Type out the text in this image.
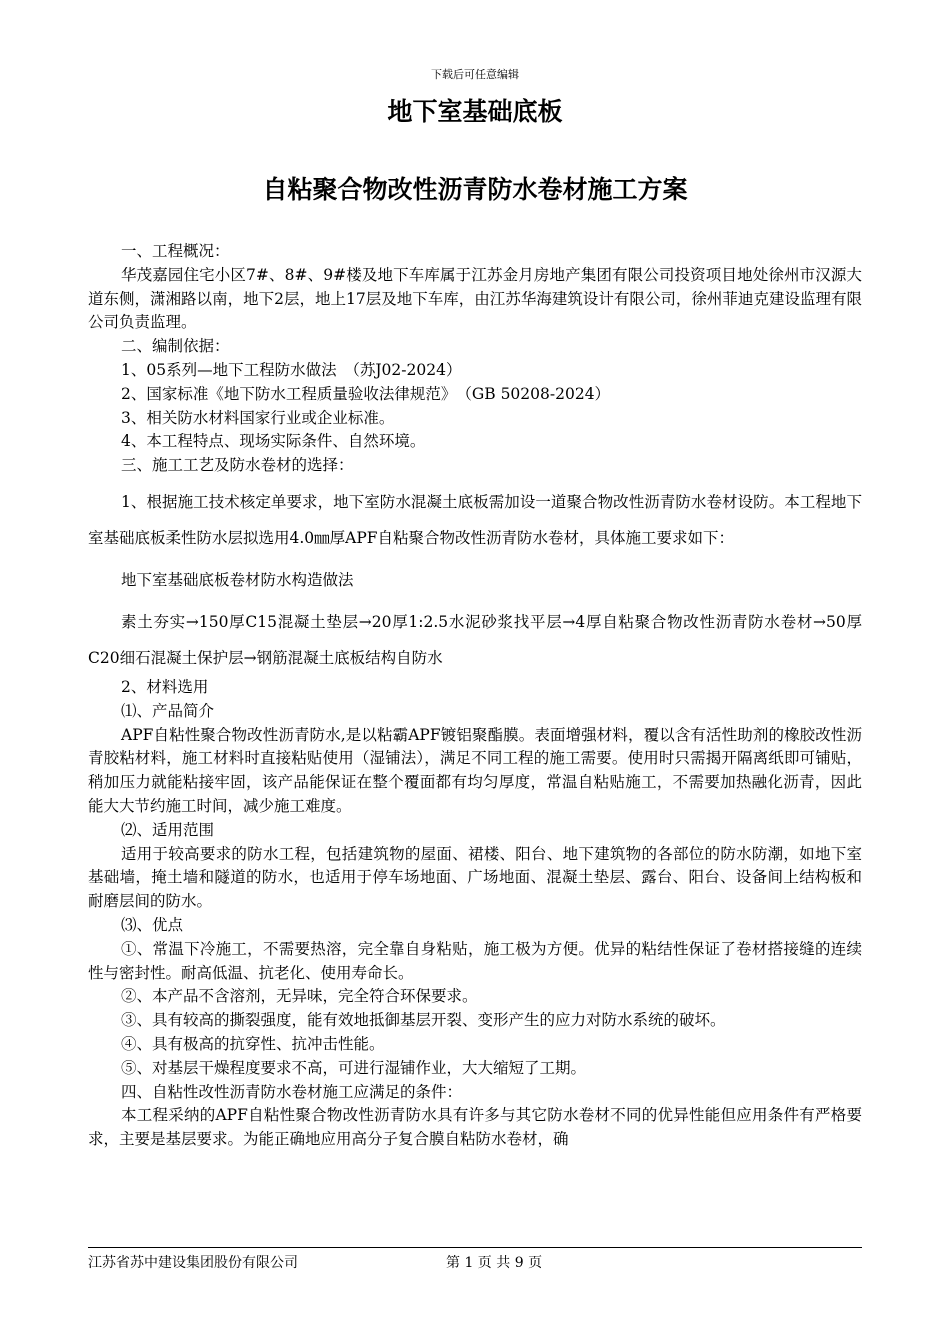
下载后可任意编辑
地下室基础底板
自粘聚合物改性沥青防水卷材施工方案

一、工程概况：

华茂嘉园住宅小区7#、8#、9#楼及地下车库属于江苏金月房地产集团有限公司投资项目地处徐州市汉源大道东侧，潇湘路以南，地下2层，地上17层及地下车库，由江苏华海建筑设计有限公司，徐州菲迪克建设监理有限公司负责监理。

二、编制依据：

1、05系列—地下工程防水做法　（苏J02-2024）

2、国家标准《地下防水工程质量验收法律规范》　（GB 50208-2024）

3、相关防水材料国家行业或企业标准。

4、本工程特点、现场实际条件、自然环境。

三、施工工艺及防水卷材的选择：

1、根据施工技术核定单要求，地下室防水混凝土底板需加设一道聚合物改性沥青防水卷材设防。本工程地下室基础底板柔性防水层拟选用4.0㎜厚APF自粘聚合物改性沥青防水卷材，具体施工要求如下：

地下室基础底板卷材防水构造做法

素土夯实→150厚C15混凝土垫层→20厚1:2.5水泥砂浆找平层→4厚自粘聚合物改性沥青防水卷材→50厚C20细石混凝土保护层→钢筋混凝土底板结构自防水

2、材料选用

⑴、产品简介

APF自粘性聚合物改性沥青防水,是以粘霸APF镀铝聚酯膜。表面增强材料，覆以含有活性助剂的橡胶改性沥青胶粘材料，施工材料时直接粘贴使用（湿铺法），满足不同工程的施工需要。使用时只需揭开隔离纸即可铺贴，稍加压力就能粘接牢固，该产品能保证在整个覆面都有均匀厚度，常温自粘贴施工，不需要加热融化沥青，因此能大大节约施工时间，减少施工难度。

⑵、适用范围

适用于较高要求的防水工程，包括建筑物的屋面、裙楼、阳台、地下建筑物的各部位的防水防潮，如地下室基础墙，掩土墙和隧道的防水，也适用于停车场地面、广场地面、混凝土垫层、露台、阳台、设备间上结构板和耐磨层间的防水。

⑶、优点

①、常温下冷施工，不需要热溶，完全靠自身粘贴，施工极为方便。优异的粘结性保证了卷材搭接缝的连续性与密封性。耐高低温、抗老化、使用寿命长。

②、本产品不含溶剂，无异味，完全符合环保要求。

③、具有较高的撕裂强度，能有效地抵御基层开裂、变形产生的应力对防水系统的破坏。

④、具有极高的抗穿性、抗冲击性能。

⑤、对基层干燥程度要求不高，可进行湿铺作业，大大缩短了工期。

四、自粘性改性沥青防水卷材施工应满足的条件：

本工程采纳的APF自粘性聚合物改性沥青防水具有许多与其它防水卷材不同的优异性能但应用条件有严格要求，主要是基层要求。为能正确地应用高分子复合膜自粘防水卷材，确

江苏省苏中建设集团股份有限公司	第 1 页 共 9 页
